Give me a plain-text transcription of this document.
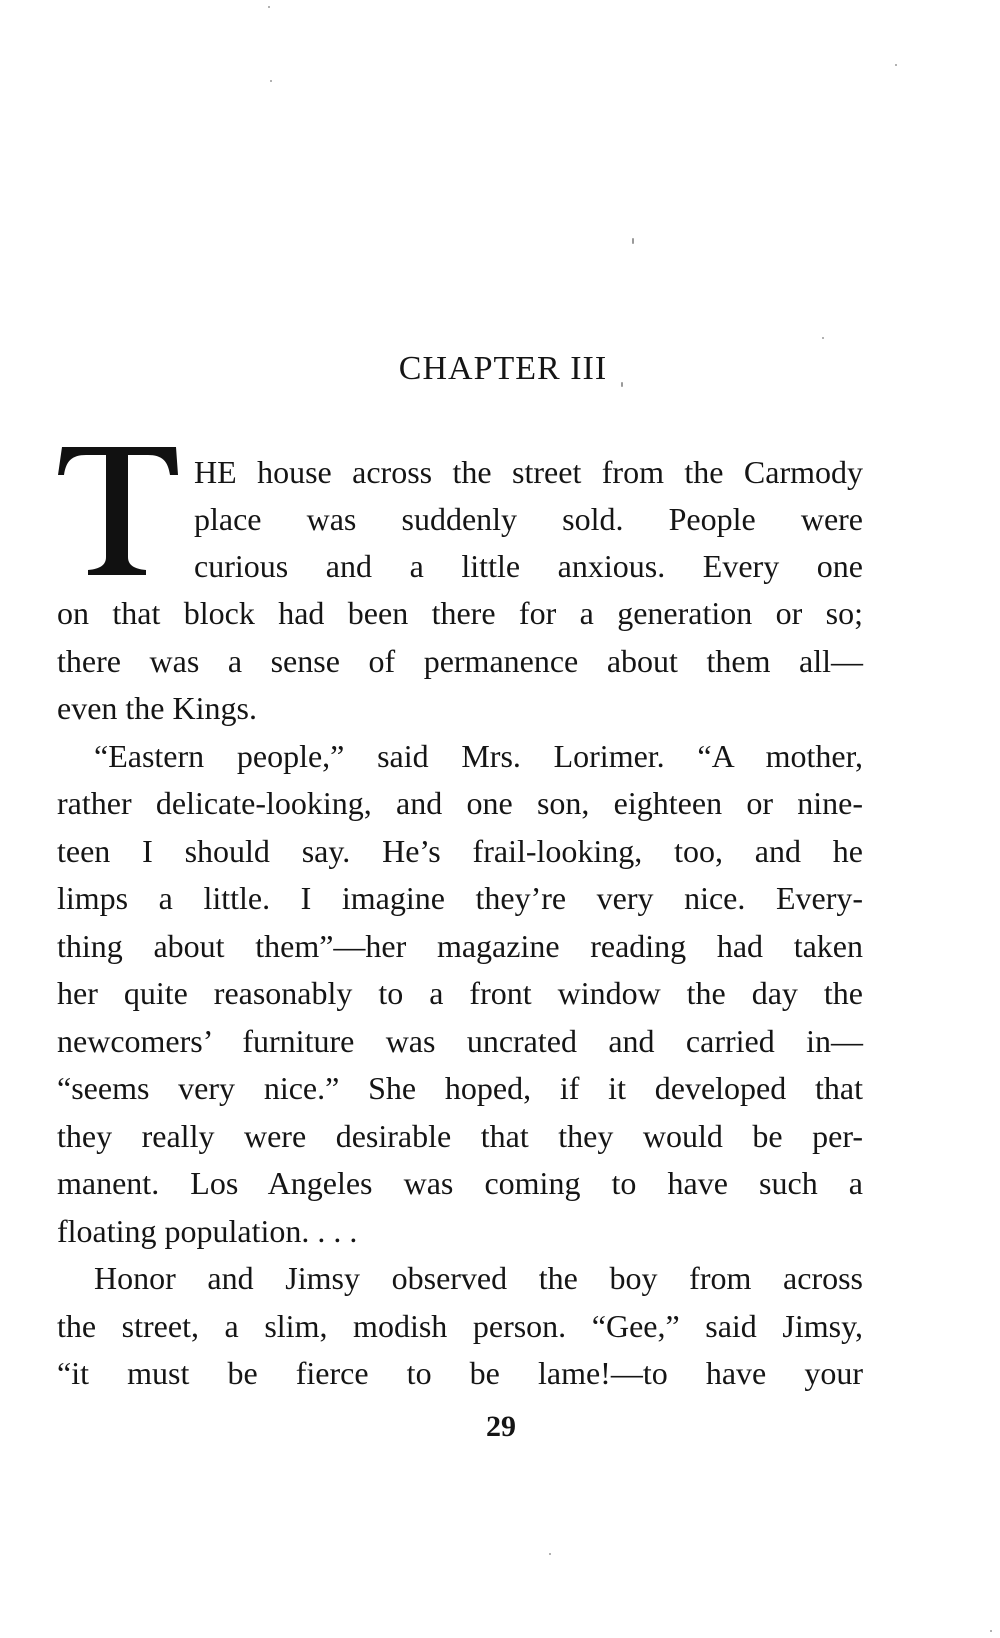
CHAPTER III
HE house across the street from the Carmody
place was suddenly sold. People were
curious and a little anxious. Every one
on that block had been there for a generation or so;
there was a sense of permanence about them all—
even the Kings.
“Eastern people,” said Mrs. Lorimer. “A mother,
rather delicate-looking, and one son, eighteen or nine-
teen I should say. He’s frail-looking, too, and he
limps a little. I imagine they’re very nice. Every-
thing about them”—her magazine reading had taken
her quite reasonably to a front window the day the
newcomers’ furniture was uncrated and carried in—
“seems very nice.” She hoped, if it developed that
they really were desirable that they would be per-
manent. Los Angeles was coming to have such a
floating population. . . .
Honor and Jimsy observed the boy from across
the street, a slim, modish person. “Gee,” said Jimsy,
“it must be fierce to be lame!—to have your
29
